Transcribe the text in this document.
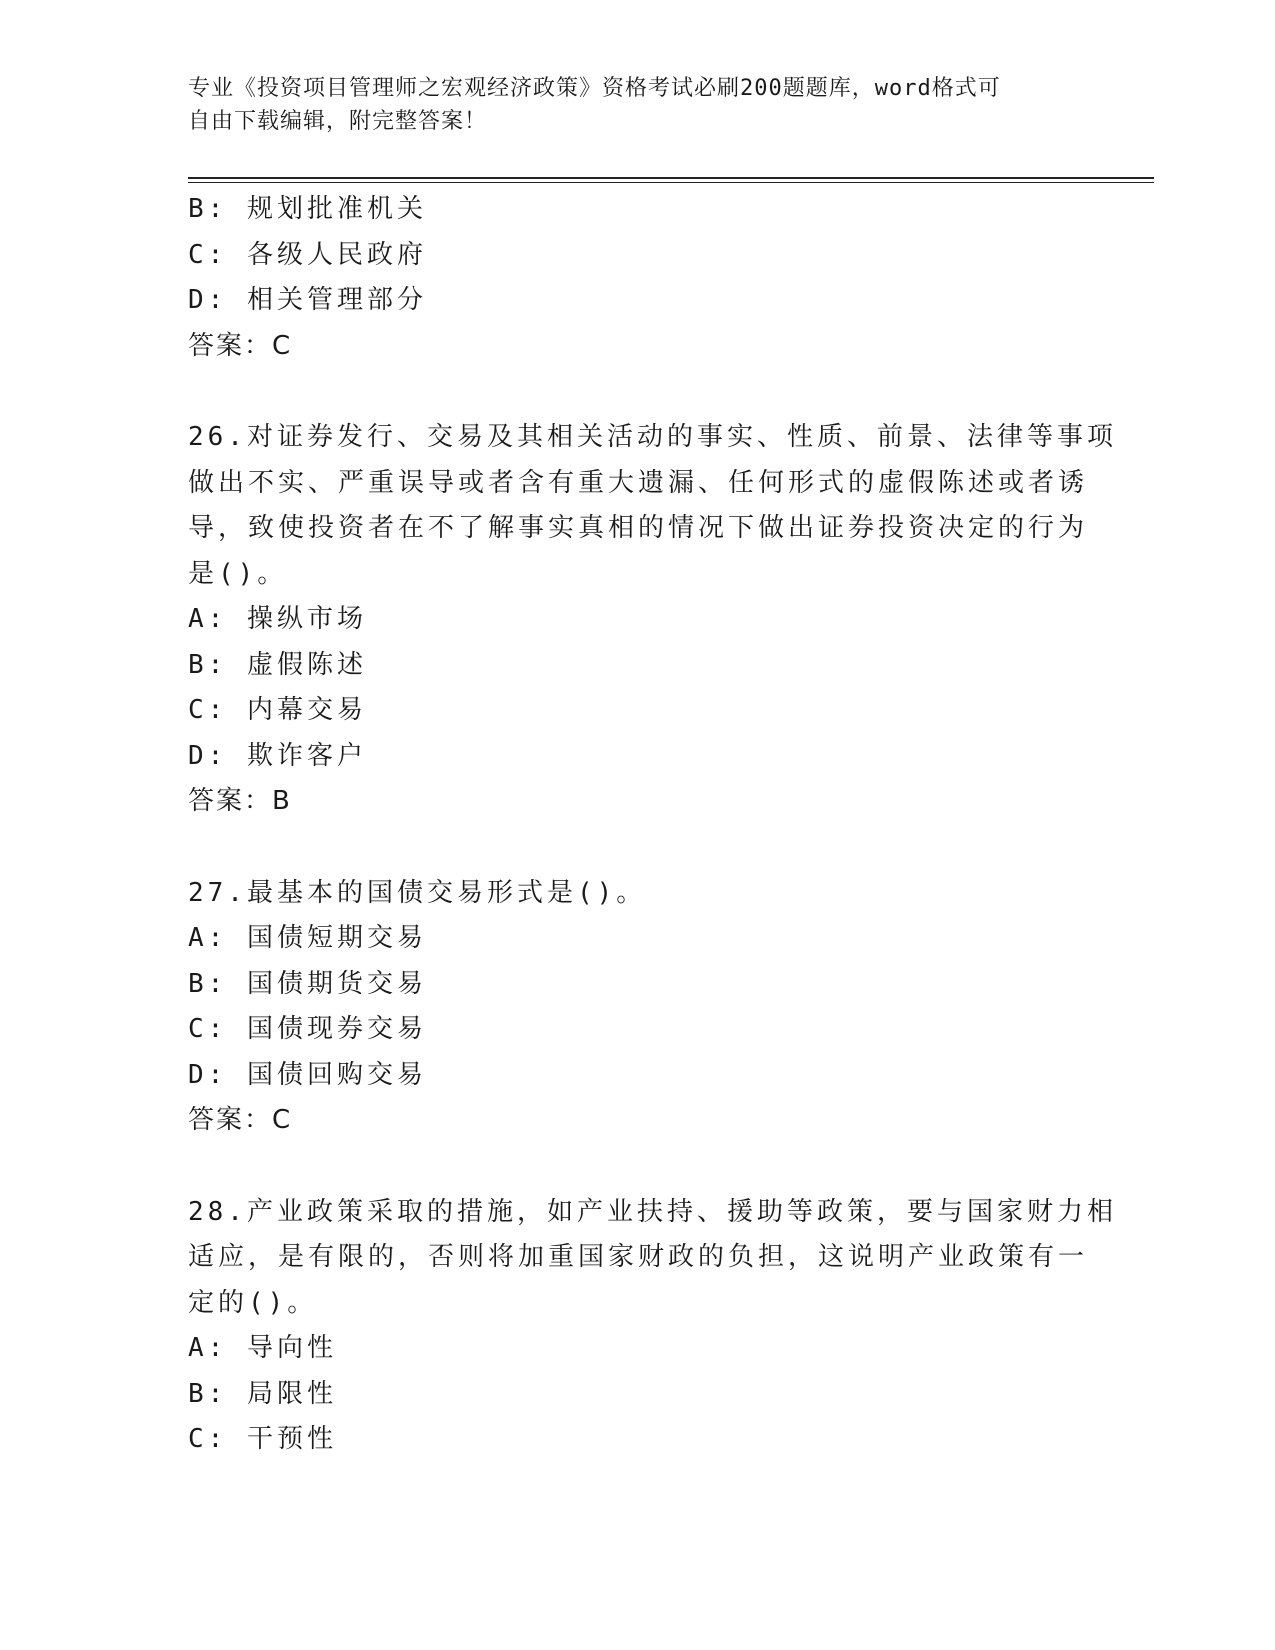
专业《投资项目管理师之宏观经济政策》资格考试必刷200题题库，word格式可
自由下载编辑，附完整答案！
B: 规划批准机关
C: 各级人民政府
D: 相关管理部分
答案：C
26.对证券发行、交易及其相关活动的事实、性质、前景、法律等事项
做出不实、严重误导或者含有重大遗漏、任何形式的虚假陈述或者诱
导，致使投资者在不了解事实真相的情况下做出证券投资决定的行为
是()。
A: 操纵市场
B: 虚假陈述
C: 内幕交易
D: 欺诈客户
答案：B
27.最基本的国债交易形式是()。
A: 国债短期交易
B: 国债期货交易
C: 国债现券交易
D: 国债回购交易
答案：C
28.产业政策采取的措施，如产业扶持、援助等政策，要与国家财力相
适应，是有限的，否则将加重国家财政的负担，这说明产业政策有一
定的()。
A: 导向性
B: 局限性
C: 干预性
